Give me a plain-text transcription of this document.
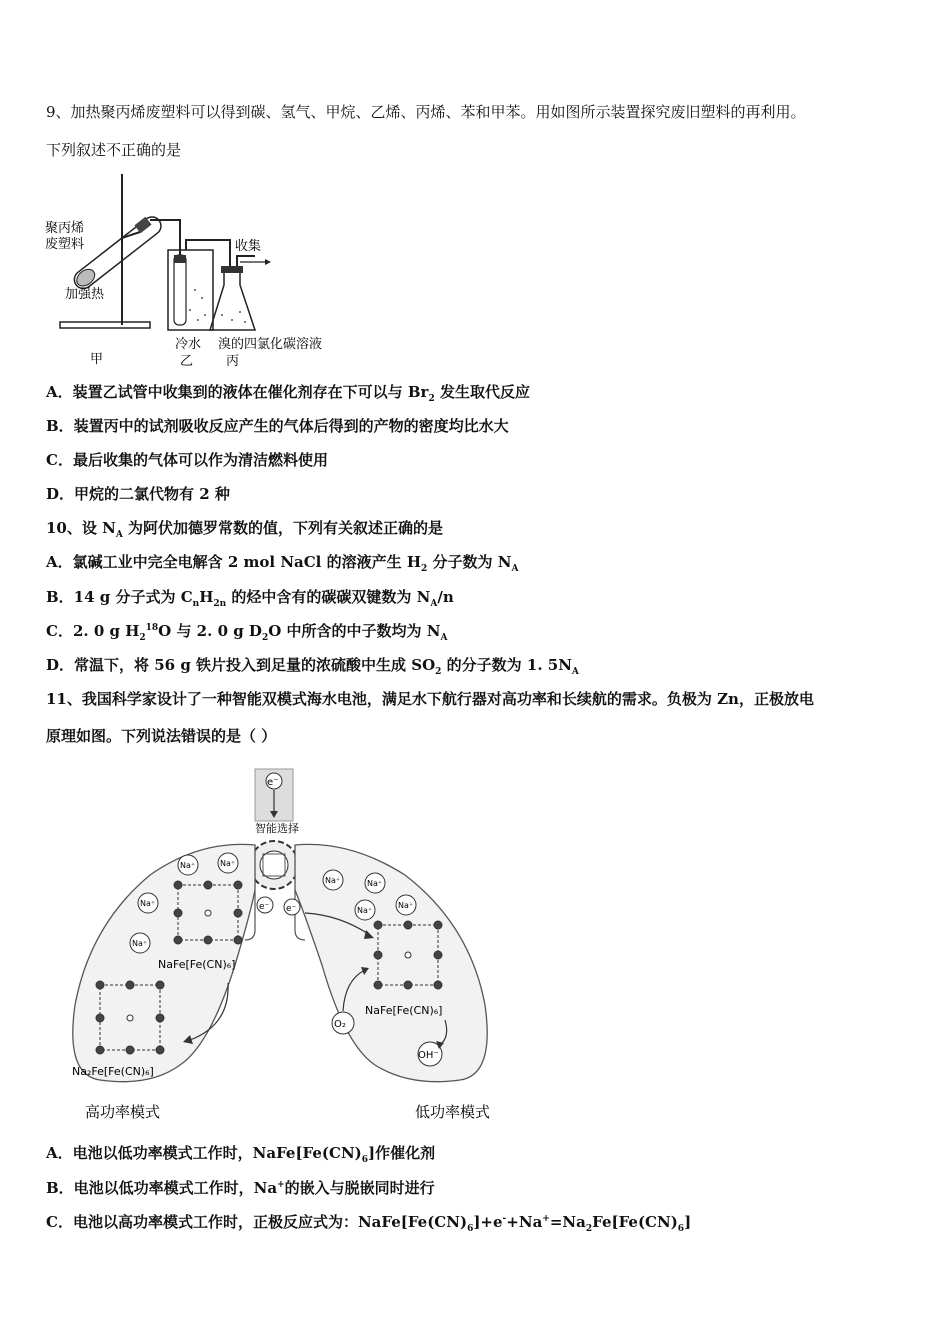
9、加热聚丙烯废塑料可以得到碳、氢气、甲烷、乙烯、丙烯、苯和甲苯。用如图所示装置探究废旧塑料的再利用。
下列叙述不正确的是
聚丙烯
废塑料
加强热
收集
冷水 溴的四氯化碳溶液
甲	乙	丙
A．装置乙试管中收集到的液体在催化剂存在下可以与 $Br_2$ 发生取代反应
B．装置丙中的试剂吸收反应产生的气体后得到的产物的密度均比水大
C．最后收集的气体可以作为清洁燃料使用
D．甲烷的二氯代物有 2 种
10、设 $N_A$ 为阿伏加德罗常数的值，下列有关叙述正确的是
A．氯碱工业中完全电解含 2 mol NaCl 的溶液产生 $H_2$ 分子数为 $N_A$
B．14 g 分子式为 $C_nH_{2n}$ 的烃中含有的碳碳双键数为 $N_A/n$
C．2. 0 g $H_2^{18}O$ 与 2. 0 g $D_2O$ 中所含的中子数均为 $N_A$
D．常温下，将 56 g 铁片投入到足量的浓硫酸中生成 $SO_2$ 的分子数为 1. $5N_A$
11、我国科学家设计了一种智能双模式海水电池，满足水下航行器对高功率和长续航的需求。负极为 Zn，正极放电
原理如图。下列说法错误的是（ ）
e⁻
智能选择
e⁻ e⁻
Na⁺	Na⁺
Na⁺
Na⁺
Na⁺	Na⁺
Na⁺
Na⁺
NaFe[Fe(CN)₆]
Na₂Fe[Fe(CN)₆]
NaFe[Fe(CN)₆]
O₂
OH⁻
高功率模式	低功率模式
A．电池以低功率模式工作时，$NaFe[Fe(CN)_6]$作催化剂
B．电池以低功率模式工作时，Na+的嵌入与脱嵌同时进行
C．电池以高功率模式工作时，正极反应式为：$NaFe[Fe(CN)_6]+e^-+Na^+=Na_2Fe[Fe(CN)_6]$
